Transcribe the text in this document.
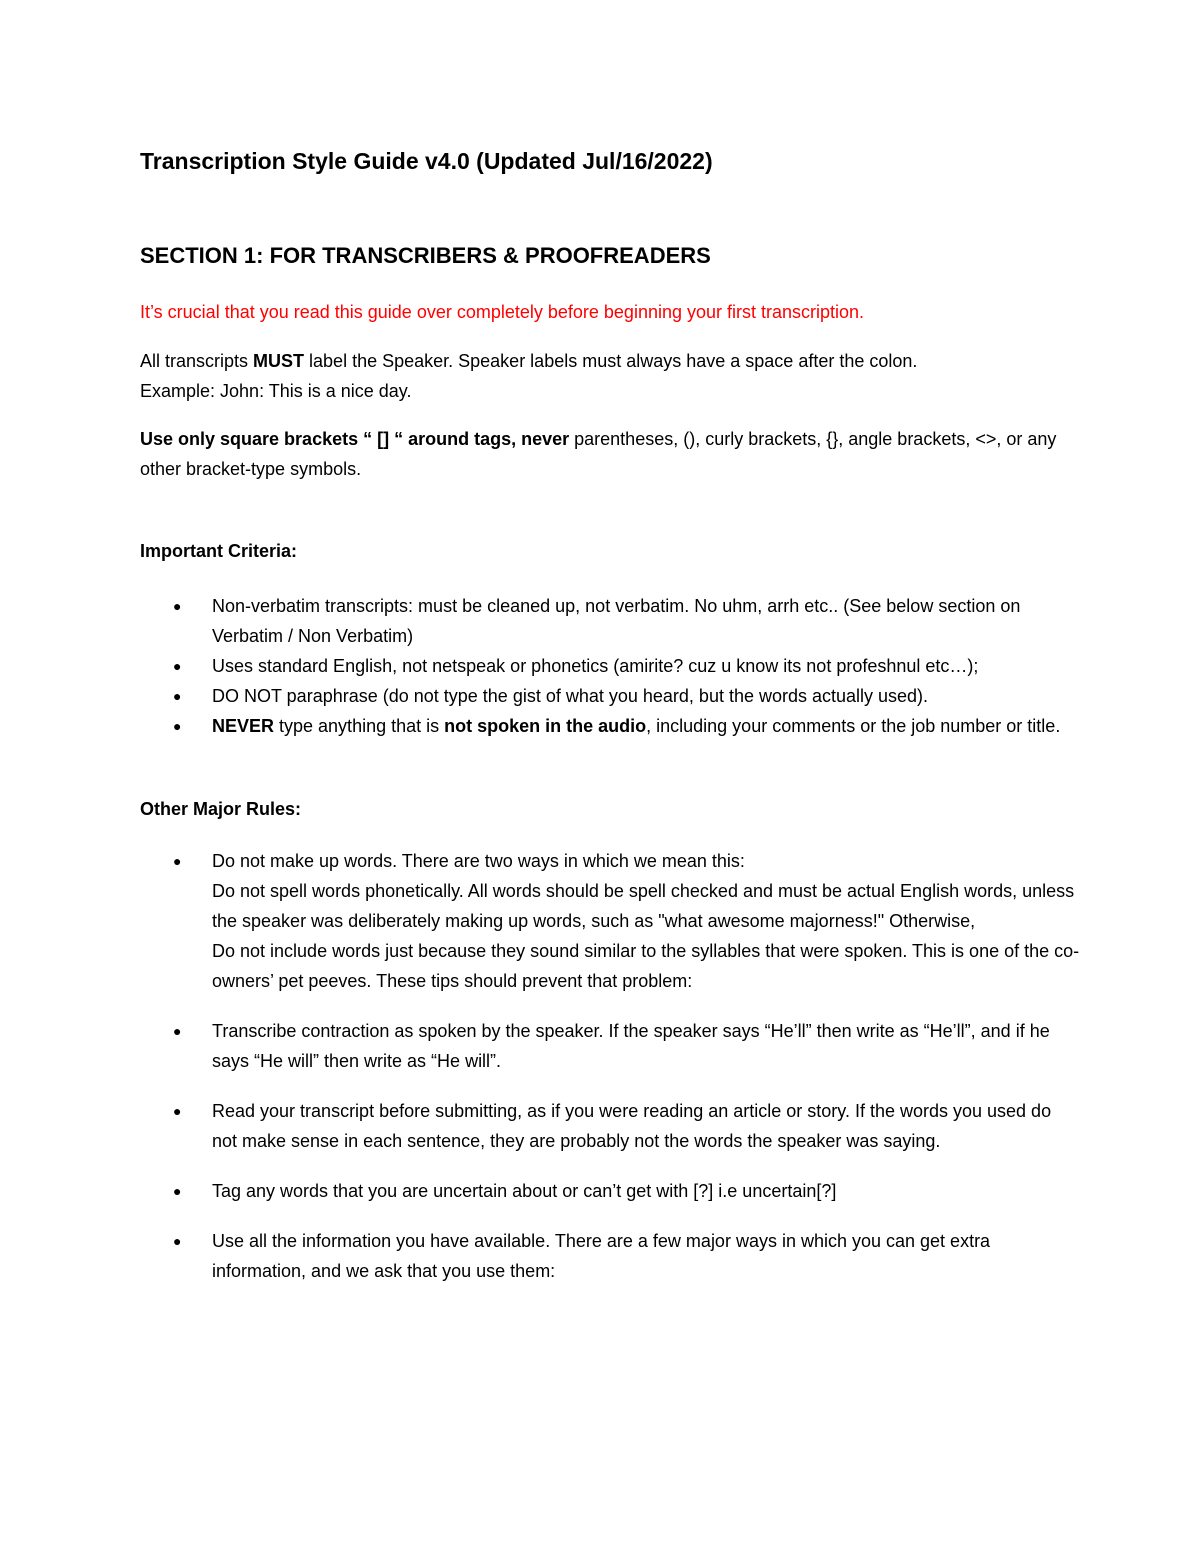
Transcription Style Guide v4.0 (Updated Jul/16/2022)
SECTION 1: FOR TRANSCRIBERS & PROOFREADERS

It’s crucial that you read this guide over completely before beginning your first transcription.

All transcripts MUST label the Speaker. Speaker labels must always have a space after the colon.
Example: John: This is a nice day.

Use only square brackets “ [] “ around tags, never parentheses, (), curly brackets, {}, angle brackets, <>, or any other bracket-type symbols.

Important Criteria:

● Non-verbatim transcripts: must be cleaned up, not verbatim. No uhm, arrh etc.. (See below section on Verbatim / Non Verbatim)
● Uses standard English, not netspeak or phonetics (amirite? cuz u know its not profeshnul etc…);
● DO NOT paraphrase (do not type the gist of what you heard, but the words actually used).
● NEVER type anything that is not spoken in the audio, including your comments or the job number or title.

Other Major Rules:

● Do not make up words. There are two ways in which we mean this:
Do not spell words phonetically. All words should be spell checked and must be actual English words, unless the speaker was deliberately making up words, such as "what awesome majorness!" Otherwise,
Do not include words just because they sound similar to the syllables that were spoken. This is one of the co-owners’ pet peeves. These tips should prevent that problem:
● Transcribe contraction as spoken by the speaker. If the speaker says “He’ll” then write as “He’ll”, and if he says “He will” then write as “He will”.
● Read your transcript before submitting, as if you were reading an article or story. If the words you used do not make sense in each sentence, they are probably not the words the speaker was saying.
● Tag any words that you are uncertain about or can’t get with [?] i.e uncertain[?]
● Use all the information you have available. There are a few major ways in which you can get extra information, and we ask that you use them:
